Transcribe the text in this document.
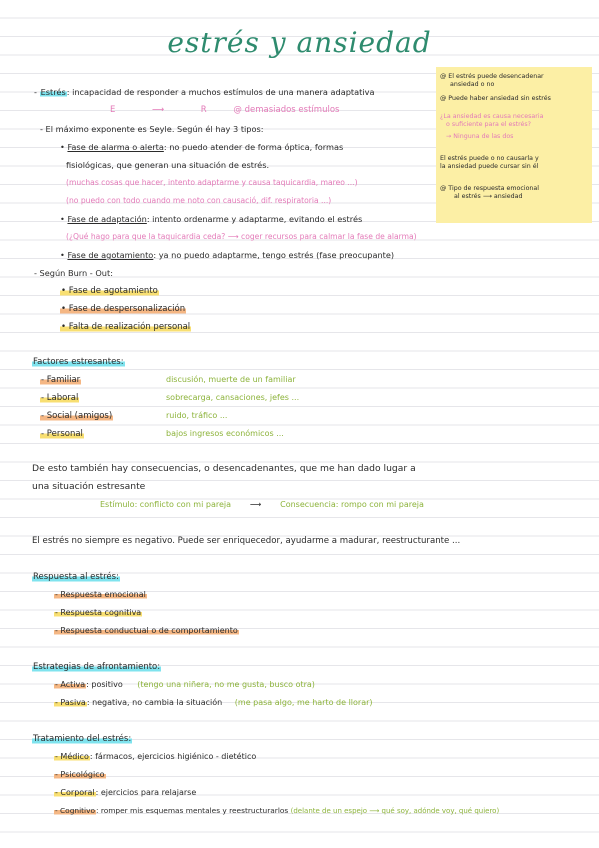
estrés y ansiedad
@ El estrés puede desencadenar
ansiedad o no
@ Puede haber ansiedad sin estrés
¿La ansiedad es causa necesaria
o suficiente para el estrés?
→ Ninguna de las dos
El estrés puede o no causarla y
la ansiedad puede cursar sin él
@ Tipo de respuesta emocional
al estrés ⟶ ansiedad
- Estrés: incapacidad de responder a muchos estímulos de una manera adaptativa
E	⟶	R	@ demasiados estímulos
- El máximo exponente es Seyle. Según él hay 3 tipos:
• Fase de alarma o alerta: no puedo atender de forma óptica, formas
fisiológicas, que generan una situación de estrés.
(muchas cosas que hacer, intento adaptarme y causa taquicardia, mareo ...)
(no puedo con todo cuando me noto con causació, dif. respiratoria ...)
• Fase de adaptación: intento ordenarme y adaptarme, evitando el estrés
(¿Qué hago para que la taquicardia ceda? ⟶ coger recursos para calmar la fase de alarma)
• Fase de agotamiento: ya no puedo adaptarme, tengo estrés (fase preocupante)
- Según Burn - Out:
• Fase de agotamiento
• Fase de despersonalización
• Falta de realización personal
Factores estresantes:
- Familiar	discusión, muerte de un familiar
- Laboral	sobrecarga, cansaciones, jefes ...
- Social (amigos)	ruido, tráfico ...
- Personal	bajos ingresos económicos ...
De esto también hay consecuencias, o desencadenantes, que me han dado lugar a
una situación estresante
Estímulo: conflicto con mi pareja ⟶ Consecuencia: rompo con mi pareja
El estrés no siempre es negativo. Puede ser enriquecedor, ayudarme a madurar, reestructurante ...
Respuesta al estrés:
- Respuesta emocional
- Respuesta cognitiva
- Respuesta conductual o de comportamiento
Estrategias de afrontamiento:
- Activa: positivo (tengo una niñera, no me gusta, busco otra)
- Pasiva: negativa, no cambia la situación (me pasa algo, me harto de llorar)
Tratamiento del estrés:
- Médico: fármacos, ejercicios higiénico - dietético
- Psicológico
- Corporal: ejercicios para relajarse
- Cognitivo: romper mis esquemas mentales y reestructurarlos (delante de un espejo ⟶ qué soy, adónde voy, qué quiero)
